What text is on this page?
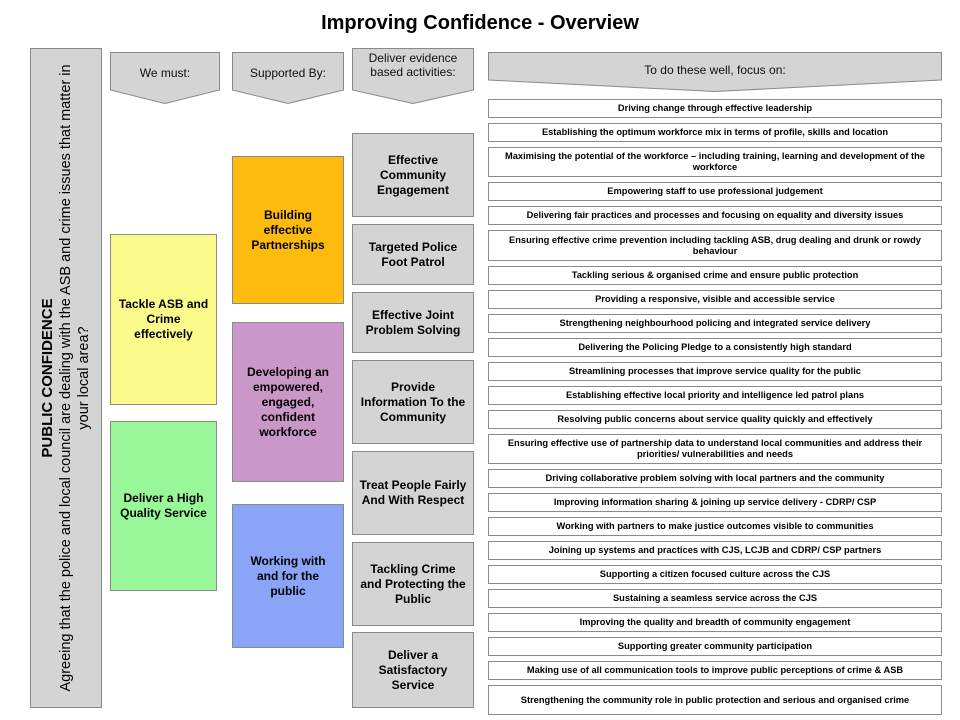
Improving Confidence - Overview
PUBLIC CONFIDENCE Agreeing that the police and local council are dealing with the ASB and crime issues that matter in your local area?
We must:	Supported By:
Deliver evidence based activities:	To do these well, focus on:
Tackle ASB and Crime effectively
Deliver a High Quality Service
Building effective Partnerships
Developing an empowered, engaged, confident workforce
Working with and for the public
Effective Community Engagement
Targeted Police Foot Patrol
Effective Joint Problem Solving
Provide Information To the Community
Treat People Fairly And With Respect
Tackling Crime and Protecting the Public
Deliver a Satisfactory Service
Driving change through effective leadership
Establishing the optimum workforce mix in terms of profile, skills and location
Maximising the potential of the workforce – including training, learning and development of the workforce
Empowering staff to use professional judgement
Delivering fair practices and processes and focusing on equality and diversity issues
Ensuring effective crime prevention including tackling ASB, drug dealing and drunk or rowdy behaviour
Tackling serious & organised crime and ensure public protection
Providing a responsive, visible and accessible service
Strengthening neighbourhood policing and integrated service delivery
Delivering the Policing Pledge to a consistently high standard
Streamlining processes that improve service quality for the public
Establishing effective local priority and intelligence led patrol plans
Resolving public concerns about service quality quickly and effectively
Ensuring effective use of partnership data to understand local communities and address their priorities/ vulnerabilities and needs
Driving collaborative problem solving with local partners and the community
Improving information sharing & joining up service delivery - CDRP/ CSP
Working with partners to make justice outcomes visible to communities
Joining up systems and practices with CJS, LCJB and CDRP/ CSP partners
Supporting a citizen focused culture across the CJS
Sustaining a seamless service across the CJS
Improving the quality and breadth of community engagement
Supporting greater community participation
Making use of all communication tools to improve public perceptions of crime & ASB
Strengthening the community role in public protection and serious and organised crime
